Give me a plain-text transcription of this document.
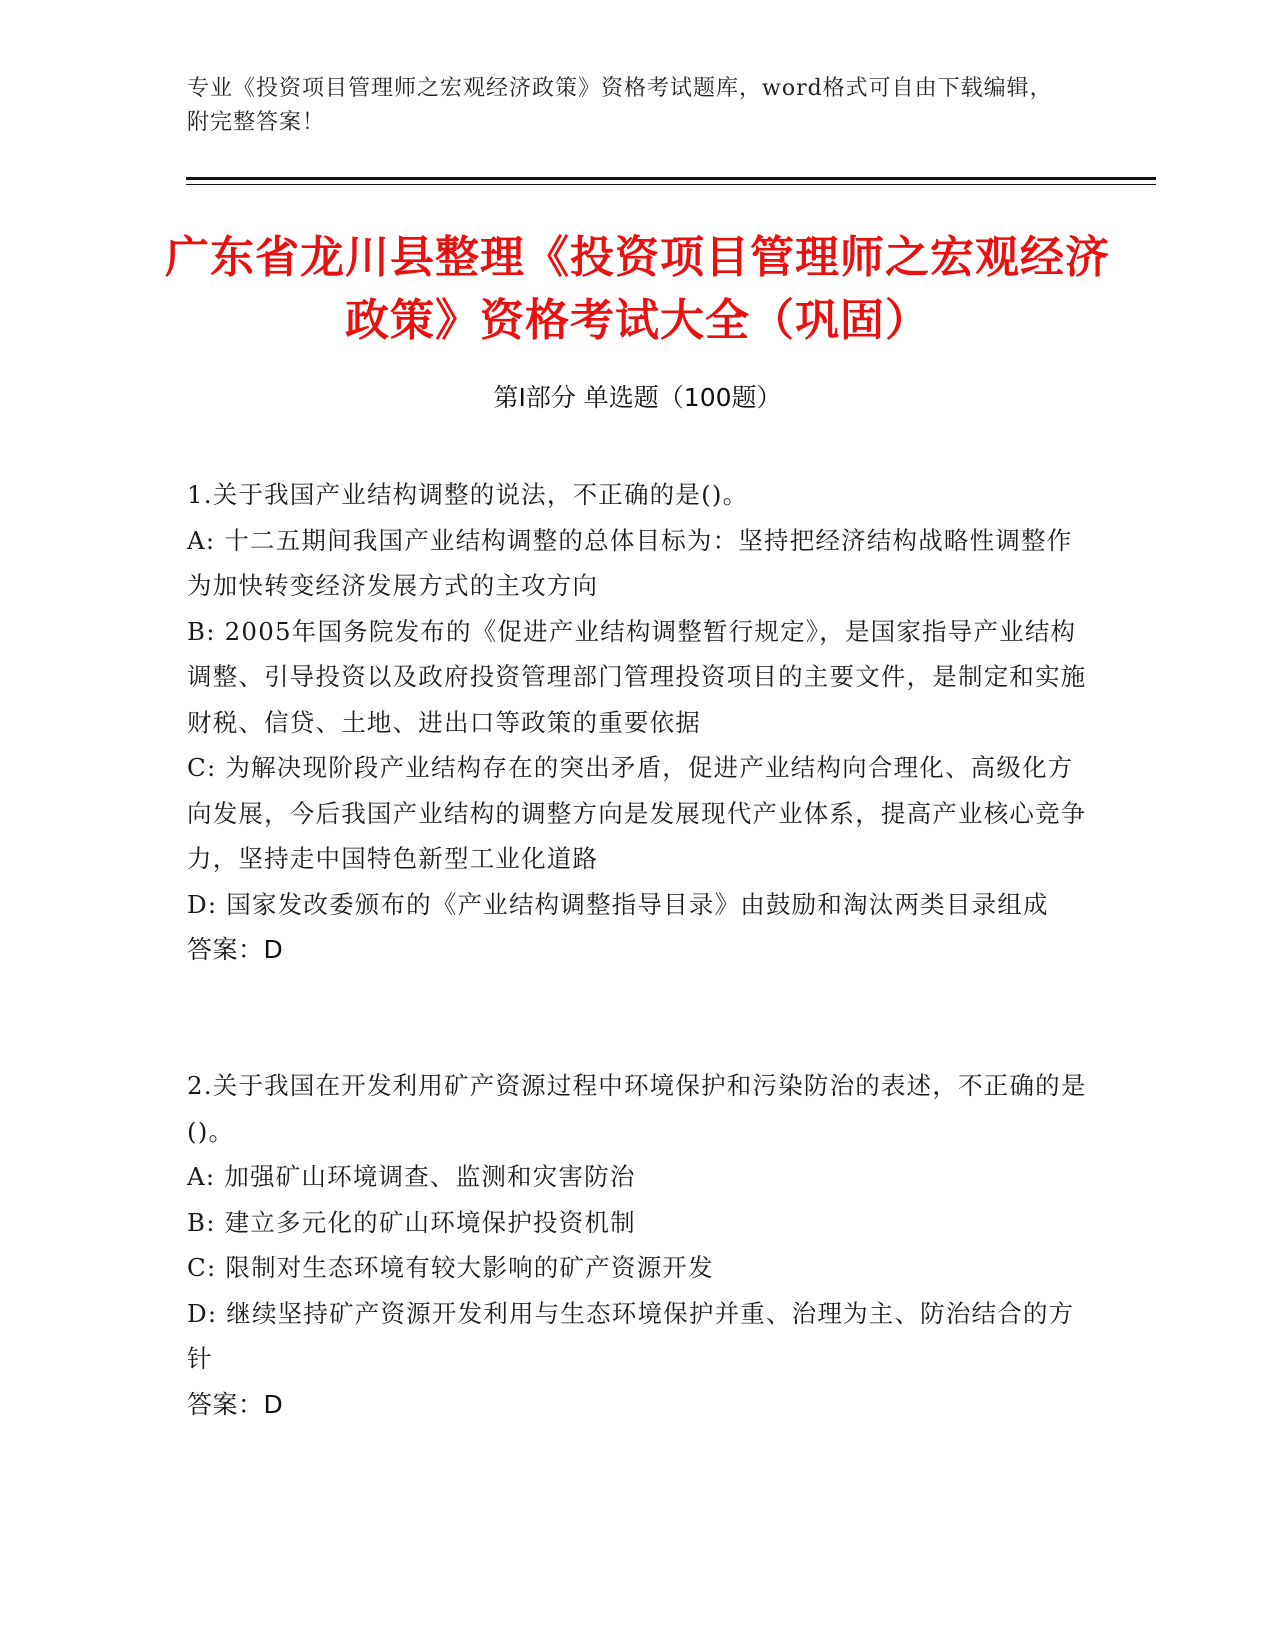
专业《投资项目管理师之宏观经济政策》资格考试题库，word格式可自由下载编辑，附完整答案！
广东省龙川县整理《投资项目管理师之宏观经济政策》资格考试大全（巩固）
第Ⅰ部分 单选题（100题）

1.关于我国产业结构调整的说法，不正确的是()。

A: 十二五期间我国产业结构调整的总体目标为：坚持把经济结构战略性调整作为加快转变经济发展方式的主攻方向

B: 2005年国务院发布的《促进产业结构调整暂行规定》，是国家指导产业结构调整、引导投资以及政府投资管理部门管理投资项目的主要文件，是制定和实施财税、信贷、土地、进出口等政策的重要依据

C: 为解决现阶段产业结构存在的突出矛盾，促进产业结构向合理化、高级化方向发展，今后我国产业结构的调整方向是发展现代产业体系，提高产业核心竞争力，坚持走中国特色新型工业化道路

D: 国家发改委颁布的《产业结构调整指导目录》由鼓励和淘汰两类目录组成

答案：D

2.关于我国在开发利用矿产资源过程中环境保护和污染防治的表述，不正确的是()。

A: 加强矿山环境调查、监测和灾害防治

B: 建立多元化的矿山环境保护投资机制

C: 限制对生态环境有较大影响的矿产资源开发

D: 继续坚持矿产资源开发利用与生态环境保护并重、治理为主、防治结合的方针

答案：D
